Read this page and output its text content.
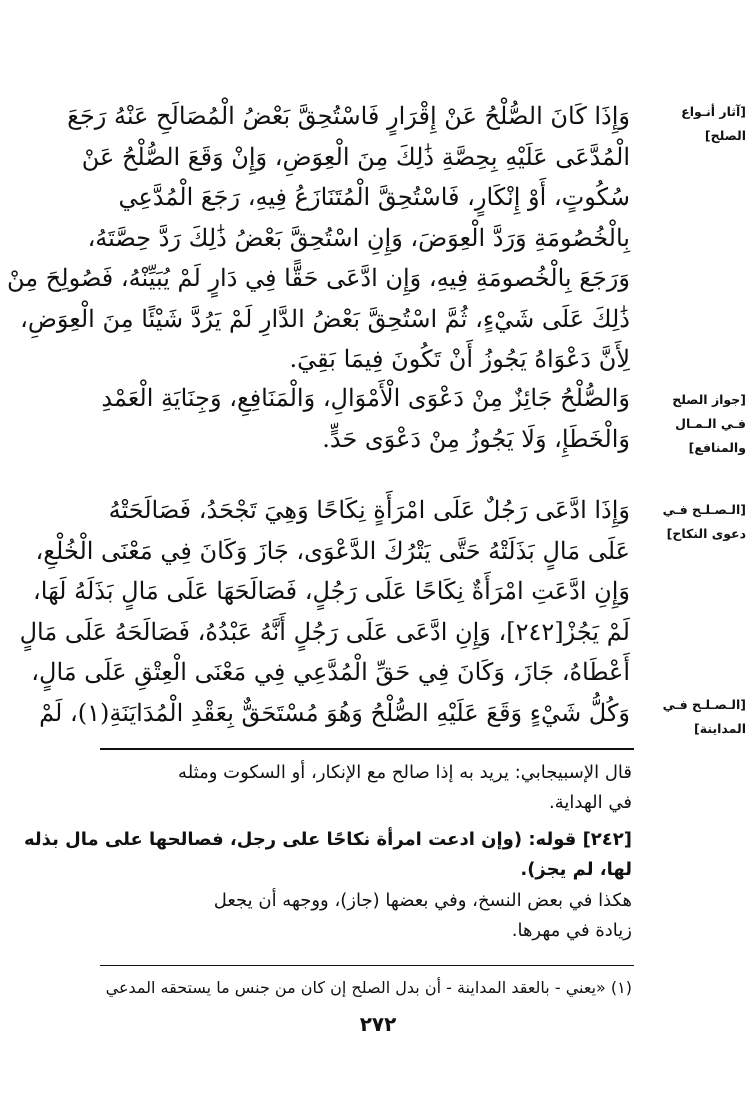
[آثار أنـواع
الصلح]
[جواز الصلح
فـي الـمـال
والمنافع]
[الـصـلـح فـي
دعوى النكاح]
[الـصـلـح فـي
المداينة]
وَإِذَا كَانَ الصُّلْحُ عَنْ إِقْرَارٍ فَاسْتُحِقَّ بَعْضُ الْمُصَالَحِ عَنْهُ رَجَعَ
الْمُدَّعَى عَلَيْهِ بِحِصَّةِ ذَٰلِكَ مِنَ الْعِوَضِ، وَإِنْ وَقَعَ الصُّلْحُ عَنْ
سُكُوتٍ، أَوْ إِنْكَارٍ، فَاسْتُحِقَّ الْمُتَنَازَعُ فِيهِ، رَجَعَ الْمُدَّعِي
بِالْخُصُومَةِ وَرَدَّ الْعِوَضَ، وَإِنِ اسْتُحِقَّ بَعْضُ ذَٰلِكَ رَدَّ حِصَّتَهُ،
وَرَجَعَ بِالْخُصومَةِ فِيهِ، وَإِن ادَّعَى حَقًّا فِي دَارٍ لَمْ يُبَيِّنْهُ، فَصُولِحَ مِنْ
ذَٰلِكَ عَلَى شَيْءٍ، ثُمَّ اسْتُحِقَّ بَعْضُ الدَّارِ لَمْ يَرُدَّ شَيْئًا مِنَ الْعِوَضِ،
لِأَنَّ دَعْوَاهُ يَجُوزُ أَنْ تَكُونَ فِيمَا بَقِيَ.
وَالصُّلْحُ جَائِزٌ مِنْ دَعْوَى الْأَمْوَالِ، وَالْمَنَافِعِ، وَجِنَايَةِ الْعَمْدِ
وَالْخَطَإِ، وَلَا يَجُوزُ مِنْ دَعْوَى حَدٍّ.
وَإِذَا ادَّعَى رَجُلٌ عَلَى امْرَأَةٍ نِكَاحًا وَهِيَ تَجْحَدُ، فَصَالَحَتْهُ
عَلَى مَالٍ بَذَلَتْهُ حَتَّى يَتْرُكَ الدَّعْوَى، جَازَ وَكَانَ فِي مَعْنَى الْخُلْعِ،
وَإِنِ ادَّعَتِ امْرَأَةٌ نِكَاحًا عَلَى رَجُلٍ، فَصَالَحَهَا عَلَى مَالٍ بَذَلَهُ لَهَا،
لَمْ يَجُزْ[٢٤٢]، وَإِنِ ادَّعَى عَلَى رَجُلٍ أَنَّهُ عَبْدُهُ، فَصَالَحَهُ عَلَى مَالٍ
أَعْطَاهُ، جَازَ، وَكَانَ فِي حَقِّ الْمُدَّعِي فِي مَعْنَى الْعِتْقِ عَلَى مَالٍ،
وَكُلُّ شَيْءٍ وَقَعَ عَلَيْهِ الصُّلْحُ وَهُوَ مُسْتَحَقٌّ بِعَقْدِ الْمُدَايَنَةِ(١)، لَمْ
قال الإسبيجابي: يريد به إذا صالح مع الإنكار، أو السكوت ومثله
في الهداية.
[٢٤٢] قوله: (وإن ادعت امرأة نكاحًا على رجل، فصالحها على مال بذله
لها، لم يجز).
هكذا في بعض النسخ، وفي بعضها (جاز)، ووجهه أن يجعل
زيادة في مهرها.
(١) «يعني - بالعقد المداينة - أن بدل الصلح إن كان من جنس ما يستحقه المدعي
٢٧٢
